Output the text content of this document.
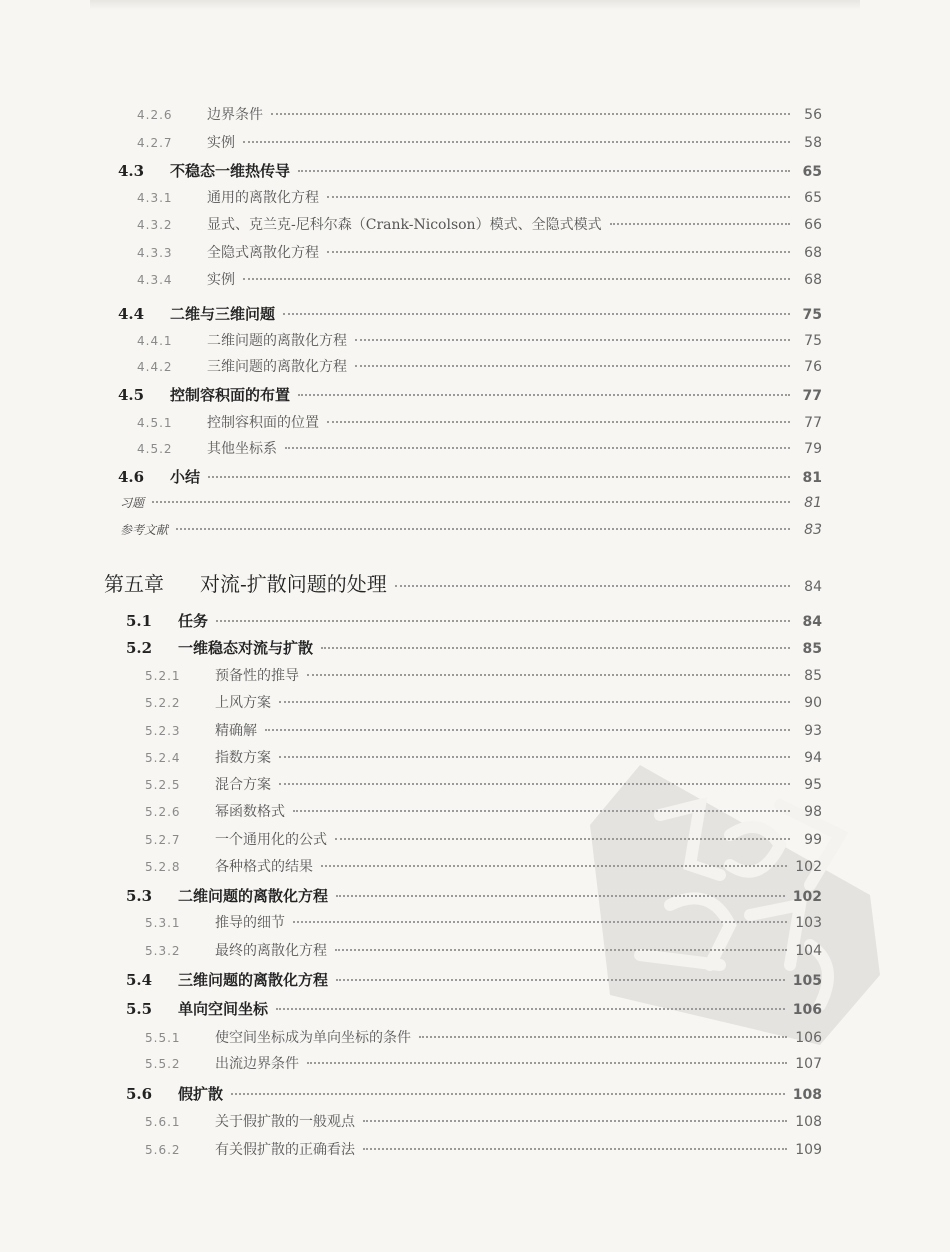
4.2.6 边界条件	56
4.2.7 实例	58
4.3 不稳态一维热传导	65
4.3.1 通用的离散化方程	65
4.3.2 显式、克兰克-尼科尔森（Crank-Nicolson）模式、全隐式模式	66
4.3.3 全隐式离散化方程	68
4.3.4 实例	68
4.4 二维与三维问题	75
4.4.1 二维问题的离散化方程	75
4.4.2 三维问题的离散化方程	76
4.5 控制容积面的布置	77
4.5.1 控制容积面的位置	77
4.5.2 其他坐标系	79
4.6 小结	81
习题	81
参考文献	83
第五章 对流-扩散问题的处理	84
5.1 任务	84
5.2 一维稳态对流与扩散	85
5.2.1 预备性的推导	85
5.2.2 上风方案	90
5.2.3 精确解	93
5.2.4 指数方案	94
5.2.5 混合方案	95
5.2.6 幂函数格式	98
5.2.7 一个通用化的公式	99
5.2.8 各种格式的结果	102
5.3 二维问题的离散化方程	102
5.3.1 推导的细节	103
5.3.2 最终的离散化方程	104
5.4 三维问题的离散化方程	105
5.5 单向空间坐标	106
5.5.1 使空间坐标成为单向坐标的条件	106
5.5.2 出流边界条件	107
5.6 假扩散	108
5.6.1 关于假扩散的一般观点	108
5.6.2 有关假扩散的正确看法	109
